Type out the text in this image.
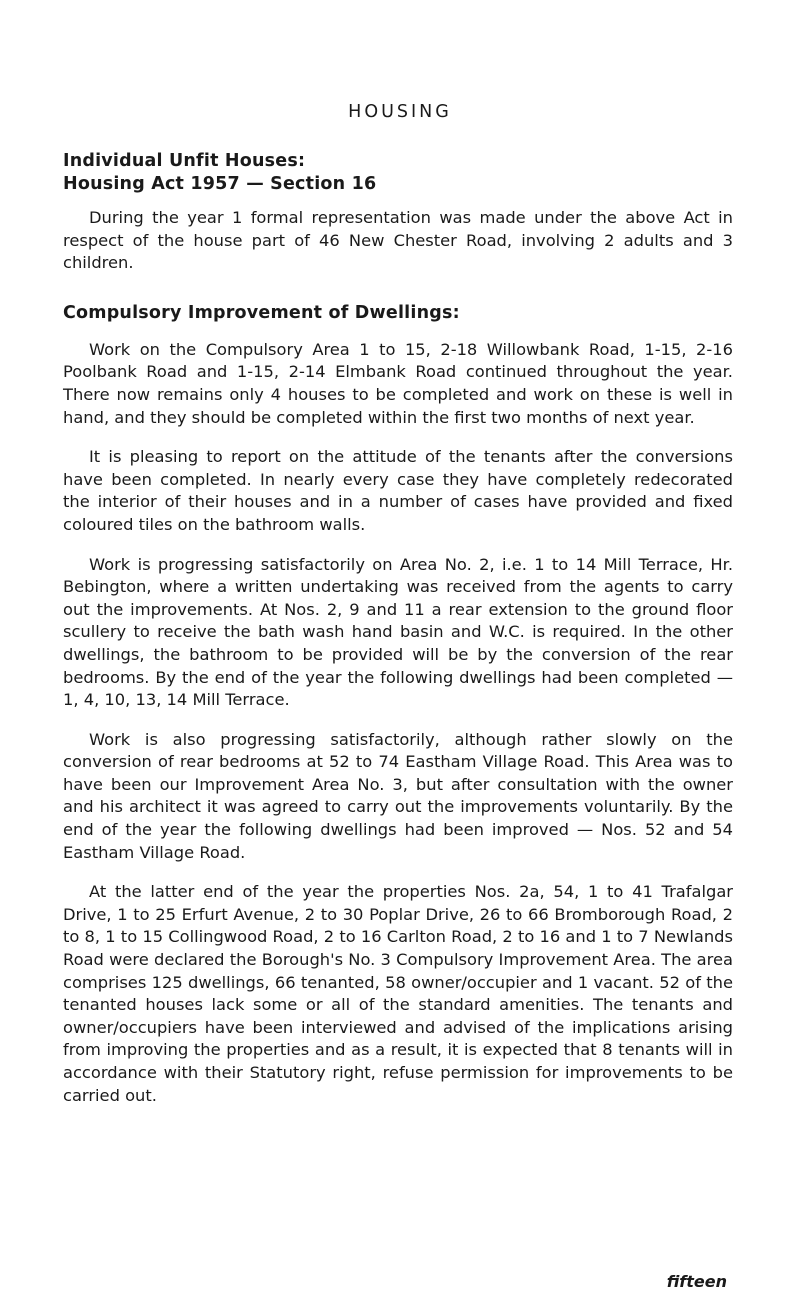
HOUSING
Individual Unfit Houses:
Housing Act 1957 — Section 16

During the year 1 formal representation was made under the above Act in respect of the house part of 46 New Chester Road, involving 2 adults and 3 children.

Compulsory Improvement of Dwellings:

Work on the Compulsory Area 1 to 15, 2-18 Willowbank Road, 1-15, 2-16 Poolbank Road and 1-15, 2-14 Elmbank Road continued throughout the year. There now remains only 4 houses to be completed and work on these is well in hand, and they should be completed within the first two months of next year.

It is pleasing to report on the attitude of the tenants after the conversions have been completed. In nearly every case they have completely redecorated the interior of their houses and in a number of cases have provided and fixed coloured tiles on the bathroom walls.

Work is progressing satisfactorily on Area No. 2, i.e. 1 to 14 Mill Terrace, Hr. Bebington, where a written undertaking was received from the agents to carry out the improvements. At Nos. 2, 9 and 11 a rear extension to the ground floor scullery to receive the bath wash hand basin and W.C. is required. In the other dwellings, the bathroom to be provided will be by the conversion of the rear bedrooms. By the end of the year the following dwellings had been completed — 1, 4, 10, 13, 14 Mill Terrace.

Work is also progressing satisfactorily, although rather slowly on the conversion of rear bedrooms at 52 to 74 Eastham Village Road. This Area was to have been our Improvement Area No. 3, but after consultation with the owner and his architect it was agreed to carry out the improvements voluntarily. By the end of the year the following dwellings had been improved — Nos. 52 and 54 Eastham Village Road.

At the latter end of the year the properties Nos. 2a, 54, 1 to 41 Trafalgar Drive, 1 to 25 Erfurt Avenue, 2 to 30 Poplar Drive, 26 to 66 Bromborough Road, 2 to 8, 1 to 15 Collingwood Road, 2 to 16 Carlton Road, 2 to 16 and 1 to 7 Newlands Road were declared the Borough's No. 3 Compulsory Improvement Area. The area comprises 125 dwellings, 66 tenanted, 58 owner/occupier and 1 vacant. 52 of the tenanted houses lack some or all of the standard amenities. The tenants and owner/occupiers have been interviewed and advised of the implications arising from improving the properties and as a result, it is expected that 8 tenants will in accordance with their Statutory right, refuse permission for improvements to be carried out.

fifteen
